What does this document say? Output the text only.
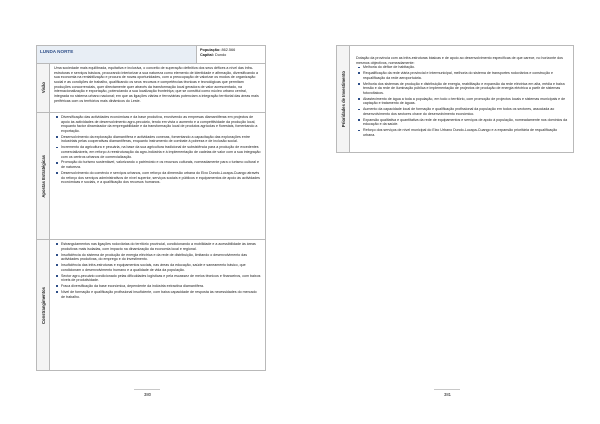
LUNDA NORTE	População: 862.566
Capital: Dundo
Visão

Uma sociedade mais equilibrada, equitativa e inclusiva, o conceito de superação definitiva dos seus défices a nível das infra-estruturas e serviços básicos, procurando interiorizar a sua natureza como elemento de identidade e afirmação, diversificando a sua economia na rentabilização e procura de novas oportunidades, com a preocupação de valorizar os modos de organização social e as condições de trabalho, qualificando os seus recursos e competências técnicas e tecnológicas que permitam produções concorrenciais, quer directamente quer através da transformação local geradora de valor acrescentado, na internacionalização e exportação, potenciando a sua localização fronteiriça; que se constitui como núcleo urbano central, integrada no sistema urbano nacional; em que as ligações viárias e ferroviárias potenciam a integração territorial das áreas mais periféricas com os territórios mais dinâmicos do Leste.

Apostas Estratégicas
Diversificação das actividades económicas e da base produtiva, envolvendo as empresas diamantíferas em projectos de apoio às actividades de desenvolvimento agro-pecuário, tendo em vista o aumento e a competitividade da produção local, enquanto factor dinamizador da empregabilidade e da transformação local de produtos agrícolas e florestais, fomentando a exportação.
Desenvolvimento da exploração diamantífera e actividades conexas, fomentando a capacitação das explorações entre industriais pelas cooperativas diamantíferas, enquanto instrumento de combate à pobreza e de inclusão social.
Incremento da agricultura e pecuária, na base da sua agricultura tradicional de subsistência para a produção de excedentes comercializáveis, em reforço à reestruturação da agro-indústria e à implementação de cadeias de valor com a sua integração com os centros urbanos de comercialização.
Promoção do turismo sustentável, valorizando o património e os recursos culturais, nomeadamente para o turismo cultural e de natureza.
Desenvolvimento do comércio e serviços urbanos, com reforço da dimensão urbana do Eixo Dundo-Lucapa-Cuango através do reforço dos serviços administrativos de nível superior, serviços sociais e públicos e equipamentos de apoio às actividades económicas e sociais, e a qualificação dos recursos humanos.
Constrangimentos
Estrangulamentos nas ligações rodoviárias do território provincial, condicionando a mobilidade e a acessibilidade às áreas produtivas mais isoladas, com impacto na dinamização da economia local e regional.
Insuficiência do sistema de produção de energia eléctrica e da rede de distribuição, limitando o desenvolvimento das actividades produtivas, do emprego e do investimento.
Insuficiência das infra-estruturas e equipamentos sociais, nas áreas da educação, saúde e saneamento básico, que condicionam o desenvolvimento humano e a qualidade de vida da população.
Sector agro-pecuário condicionado pelas dificuldades logísticas e pela escassez de meios técnicos e financeiros, com baixos níveis de produtividade.
Fraca diversificação da base económica, dependente da indústria extractiva diamantífera.
Nível de formação e qualificação profissional insuficiente, com baixa capacidade de resposta às necessidades do mercado de trabalho.
380
Prioridades de Investimento

Dotação da província com as infra-estruturas básicas e de apoio ao desenvolvimento específicas de que carece, no horizonte dos mesmos objectivos, nomeadamente:

Melhoria do défice de habitação.
Requalificação da rede viária provincial e intermunicipal, melhoria do sistema de transportes rodoviários e construção e requalificação da rede aeroportuária.
Melhoria dos sistemas de produção e distribuição de energia, reabilitação e expansão da rede eléctrica em alta, média e baixa tensão e da rede de iluminação pública e implementação de projectos de produção de energia eléctrica a partir de sistemas fotovoltaicos.
Abastecimento de água a toda a população, em todo o território, com promoção de projectos locais e sistemas municipais e de captação e tratamento de águas.
Aumento da capacidade local de formação e qualificação profissional da população em todos os sectores, associada ao desenvolvimento dos sectores chave do desenvolvimento económico.
Expansão qualitativa e quantitativa da rede de equipamentos e serviços de apoio à população, nomeadamente nos domínios da educação e da saúde.
Reforço dos serviços de nível municipal do Eixo Urbano Dundo-Lucapa-Cuango e a expansão prioritária de requalificação urbana.
381
